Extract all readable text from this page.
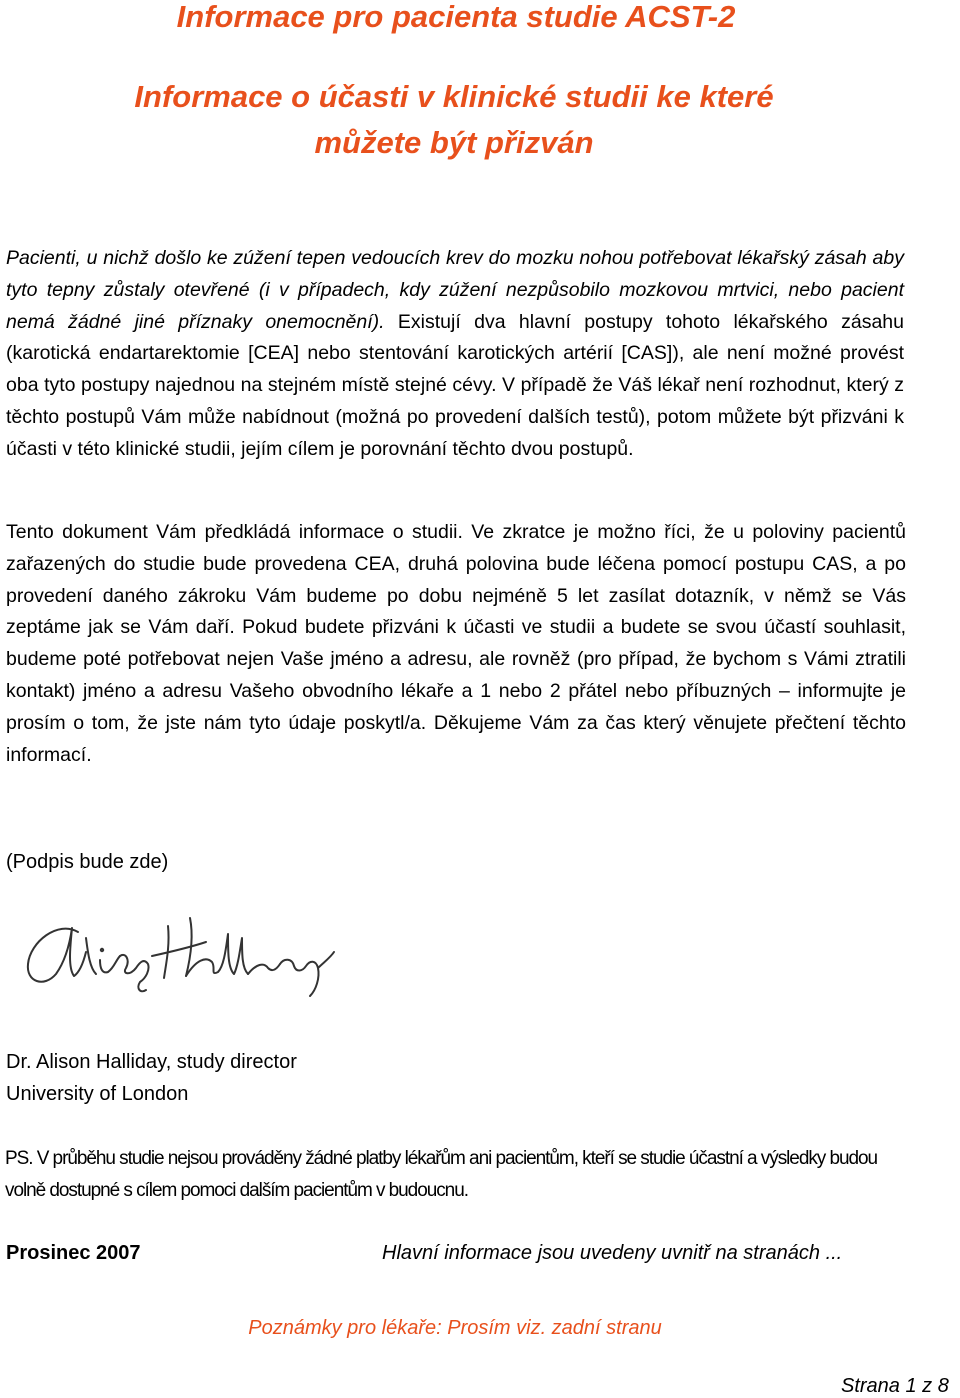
Informace pro pacienta studie ACST-2
Informace o účasti v klinické studii ke které
můžete být přizván

Pacienti, u nichž došlo ke zúžení tepen vedoucích krev do mozku nohou potřebovat lékařský zásah aby tyto tepny zůstaly otevřené (i v případech, kdy zúžení nezpůsobilo mozkovou mrtvici, nebo pacient nemá žádné jiné příznaky onemocnění). Existují dva hlavní postupy tohoto lékařského zásahu (karotická endartarektomie [CEA] nebo stentování karotických artérií [CAS]), ale není možné provést oba tyto postupy najednou na stejném místě stejné cévy. V případě že Váš lékař není rozhodnut, který z těchto postupů Vám může nabídnout (možná po provedení dalších testů), potom můžete být přizváni k účasti v této klinické studii, jejím cílem je porovnání těchto dvou postupů.

Tento dokument Vám předkládá informace o studii. Ve zkratce je možno říci, že u poloviny pacientů zařazených do studie bude provedena CEA, druhá polovina bude léčena pomocí postupu CAS, a po provedení daného zákroku Vám budeme po dobu nejméně 5 let zasílat dotazník, v němž se Vás zeptáme jak se Vám daří. Pokud budete přizváni k účasti ve studii a budete se svou účastí souhlasit, budeme poté potřebovat nejen Vaše jméno a adresu, ale rovněž (pro případ, že bychom s Vámi ztratili kontakt) jméno a adresu Vašeho obvodního lékaře a 1 nebo 2 přátel nebo příbuzných – informujte je prosím o tom, že jste nám tyto údaje poskytl/a. Děkujeme Vám za čas který věnujete přečtení těchto informací.

(Podpis bude zde)
Dr. Alison Halliday, study director
University of London

PS. V průběhu studie nejsou prováděny žádné platby lékařům ani pacientům, kteří se studie účastní a výsledky budou volně dostupné s cílem pomoci dalším pacientům v budoucnu.

Prosinec 2007	Hlavní informace jsou uvedeny uvnitř na stranách ...
Poznámky pro lékaře: Prosím viz. zadní stranu
Strana 1 z 8
